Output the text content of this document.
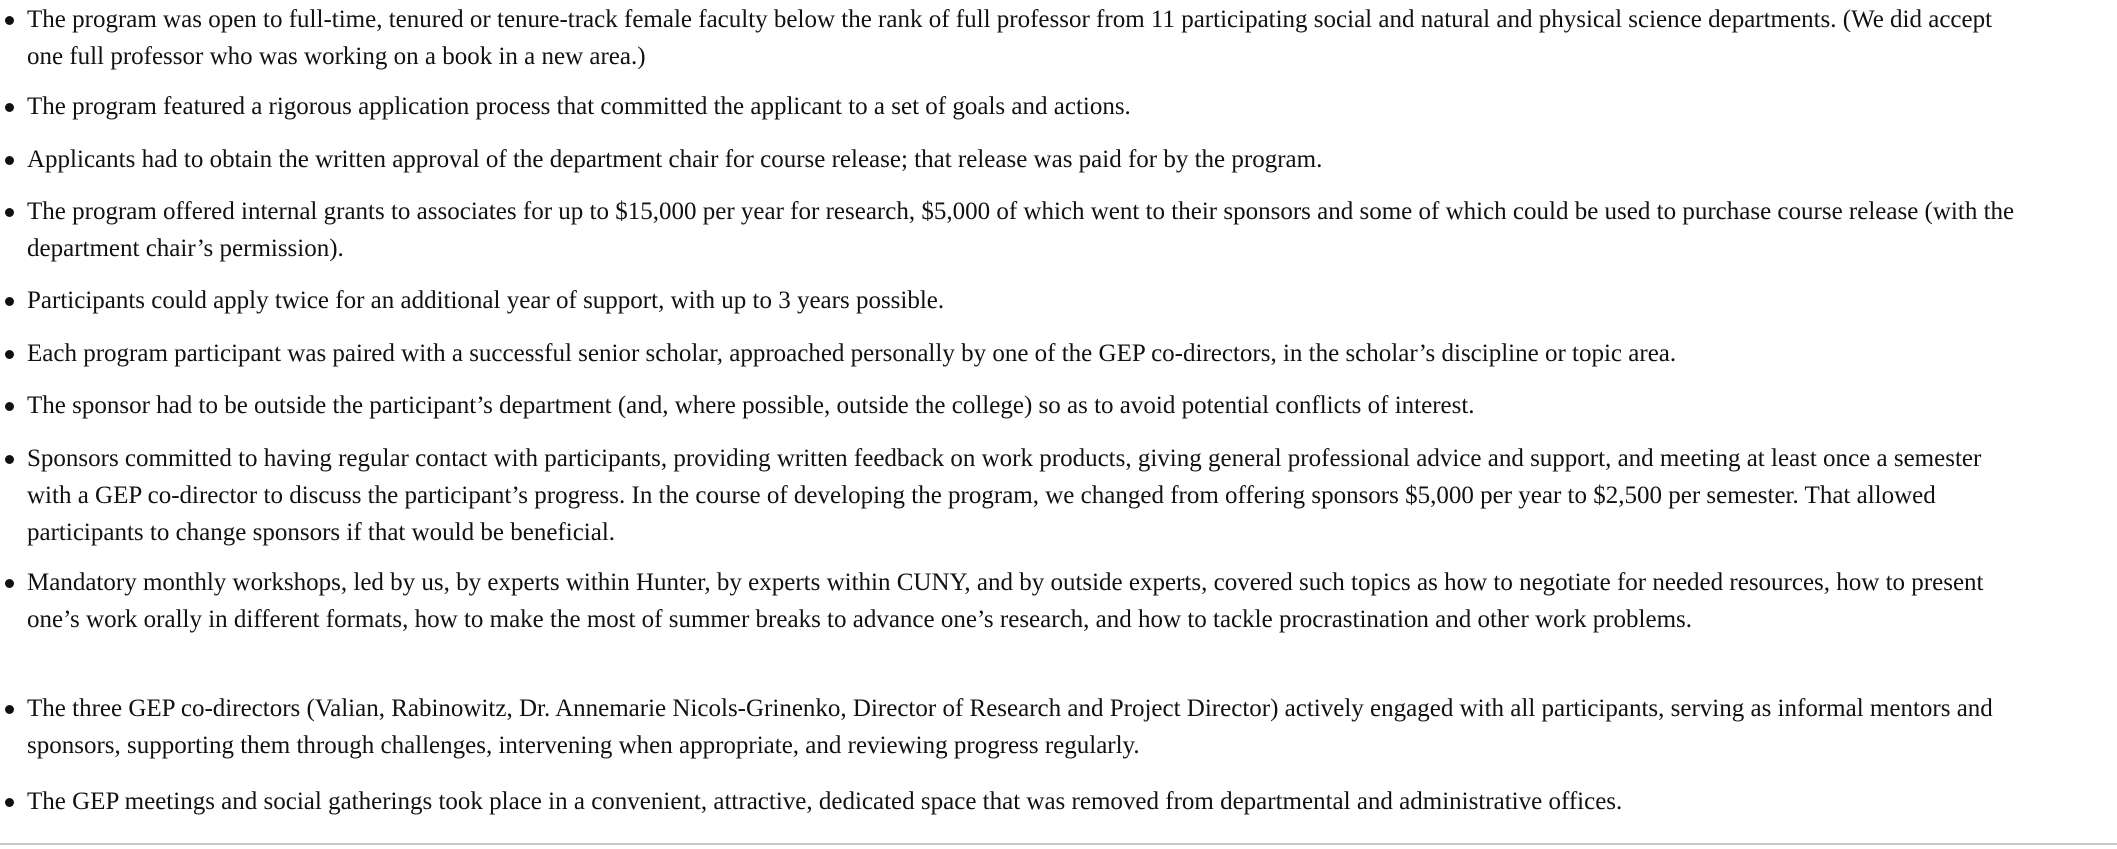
The program was open to full-time, tenured or tenure-track female faculty below the rank of full professor from 11 participating social and natural and physical science departments. (We did accept one full professor who was working on a book in a new area.)
The program featured a rigorous application process that committed the applicant to a set of goals and actions.
Applicants had to obtain the written approval of the department chair for course release; that release was paid for by the program.
The program offered internal grants to associates for up to $15,000 per year for research, $5,000 of which went to their sponsors and some of which could be used to purchase course release (with the department chair’s permission).
Participants could apply twice for an additional year of support, with up to 3 years possible.
Each program participant was paired with a successful senior scholar, approached personally by one of the GEP co-directors, in the scholar’s discipline or topic area.
The sponsor had to be outside the participant’s department (and, where possible, outside the college) so as to avoid potential conflicts of interest.
Sponsors committed to having regular contact with participants, providing written feedback on work products, giving general professional advice and support, and meeting at least once a semester with a GEP co-director to discuss the participant’s progress. In the course of developing the program, we changed from offering sponsors $5,000 per year to $2,500 per semester. That allowed participants to change sponsors if that would be beneficial.
Mandatory monthly workshops, led by us, by experts within Hunter, by experts within CUNY, and by outside experts, covered such topics as how to negotiate for needed resources, how to present one’s work orally in different formats, how to make the most of summer breaks to advance one’s research, and how to tackle procrastination and other work problems.
The three GEP co-directors (Valian, Rabinowitz, Dr. Annemarie Nicols-Grinenko, Director of Research and Project Director) actively engaged with all participants, serving as informal mentors and sponsors, supporting them through challenges, intervening when appropriate, and reviewing progress regularly.
The GEP meetings and social gatherings took place in a convenient, attractive, dedicated space that was removed from departmental and administrative offices.
